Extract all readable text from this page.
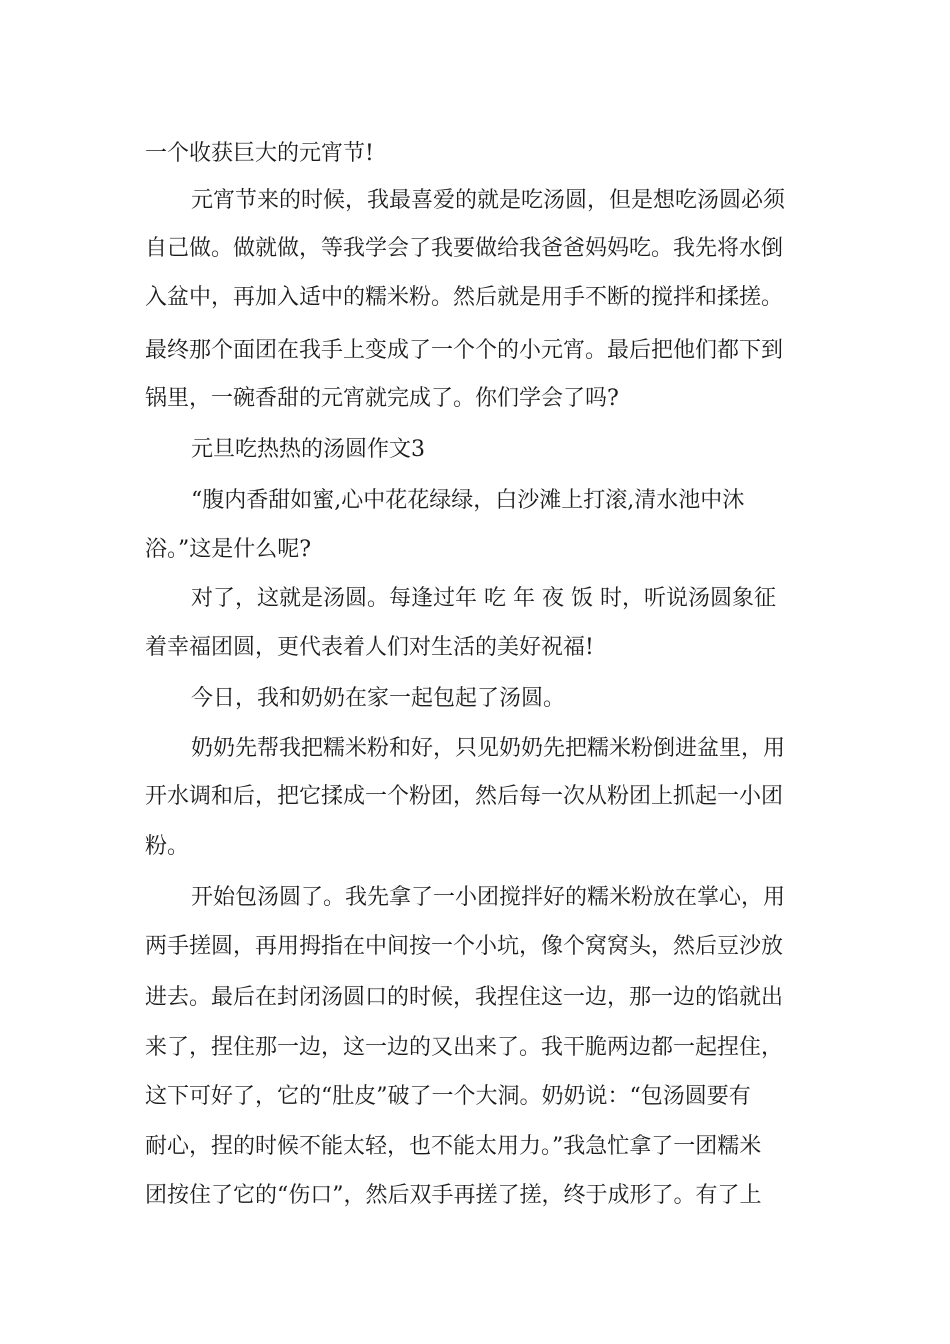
一个收获巨大的元宵节!
元宵节来的时候，我最喜爱的就是吃汤圆，但是想吃汤圆必须
自己做。做就做，等我学会了我要做给我爸爸妈妈吃。我先将水倒
入盆中，再加入适中的糯米粉。然后就是用手不断的搅拌和揉搓。
最终那个面团在我手上变成了一个个的小元宵。最后把他们都下到
锅里，一碗香甜的元宵就完成了。你们学会了吗?
元旦吃热热的汤圆作文3
“腹内香甜如蜜,心中花花绿绿，白沙滩上打滚,清水池中沐
浴。”这是什么呢?
对了，这就是汤圆。每逢过年 吃 年 夜 饭 时，听说汤圆象征
着幸福团圆，更代表着人们对生活的美好祝福!
今日，我和奶奶在家一起包起了汤圆。
奶奶先帮我把糯米粉和好，只见奶奶先把糯米粉倒进盆里，用
开水调和后，把它揉成一个粉团，然后每一次从粉团上抓起一小团
粉。
开始包汤圆了。我先拿了一小团搅拌好的糯米粉放在掌心，用
两手搓圆，再用拇指在中间按一个小坑，像个窝窝头，然后豆沙放
进去。最后在封闭汤圆口的时候，我捏住这一边，那一边的馅就出
来了，捏住那一边，这一边的又出来了。我干脆两边都一起捏住，
这下可好了，它的“肚皮”破了一个大洞。奶奶说：“包汤圆要有
耐心，捏的时候不能太轻，也不能太用力。”我急忙拿了一团糯米
团按住了它的“伤口”，然后双手再搓了搓，终于成形了。有了上
